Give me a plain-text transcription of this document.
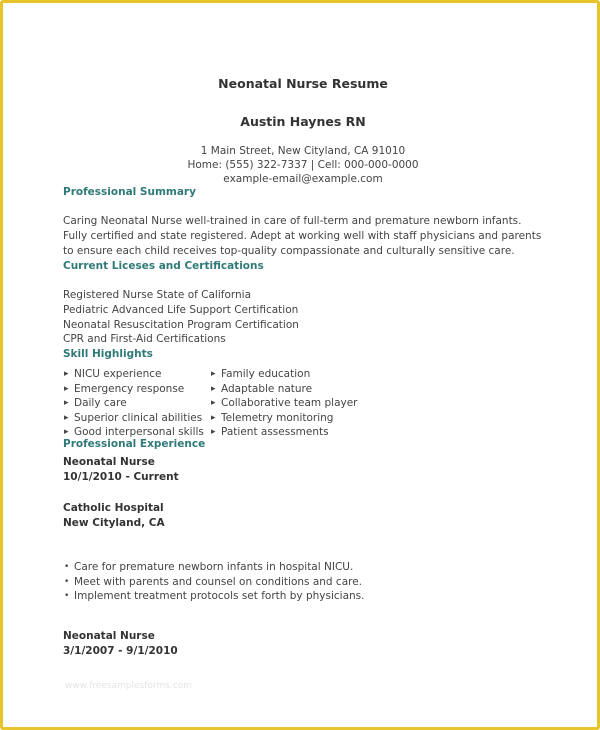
Neonatal Nurse Resume
Austin Haynes RN
1 Main Street, New Cityland, CA 91010
Home: (555) 322-7337 | Cell: 000-000-0000
example-email@example.com
Professional Summary
Caring Neonatal Nurse well-trained in care of full-term and premature newborn infants.
Fully certified and state registered. Adept at working well with staff physicians and parents
to ensure each child receives top-quality compassionate and culturally sensitive care.
Current Liceses and Certifications
Registered Nurse State of California
Pediatric Advanced Life Support Certification
Neonatal Resuscitation Program Certification
CPR and First-Aid Certifications
Skill Highlights
▸ NICU experience
▸ Emergency response
▸ Daily care
▸ Superior clinical abilities
▸ Good interpersonal skills
▸ Family education
▸ Adaptable nature
▸ Collaborative team player
▸ Telemetry monitoring
▸ Patient assessments
Professional Experience
Neonatal Nurse
10/1/2010 - Current
Catholic Hospital
New Cityland, CA
• Care for premature newborn infants in hospital NICU.
• Meet with parents and counsel on conditions and care.
• Implement treatment protocols set forth by physicians.
Neonatal Nurse
3/1/2007 - 9/1/2010
www.freesamplesforms.com
